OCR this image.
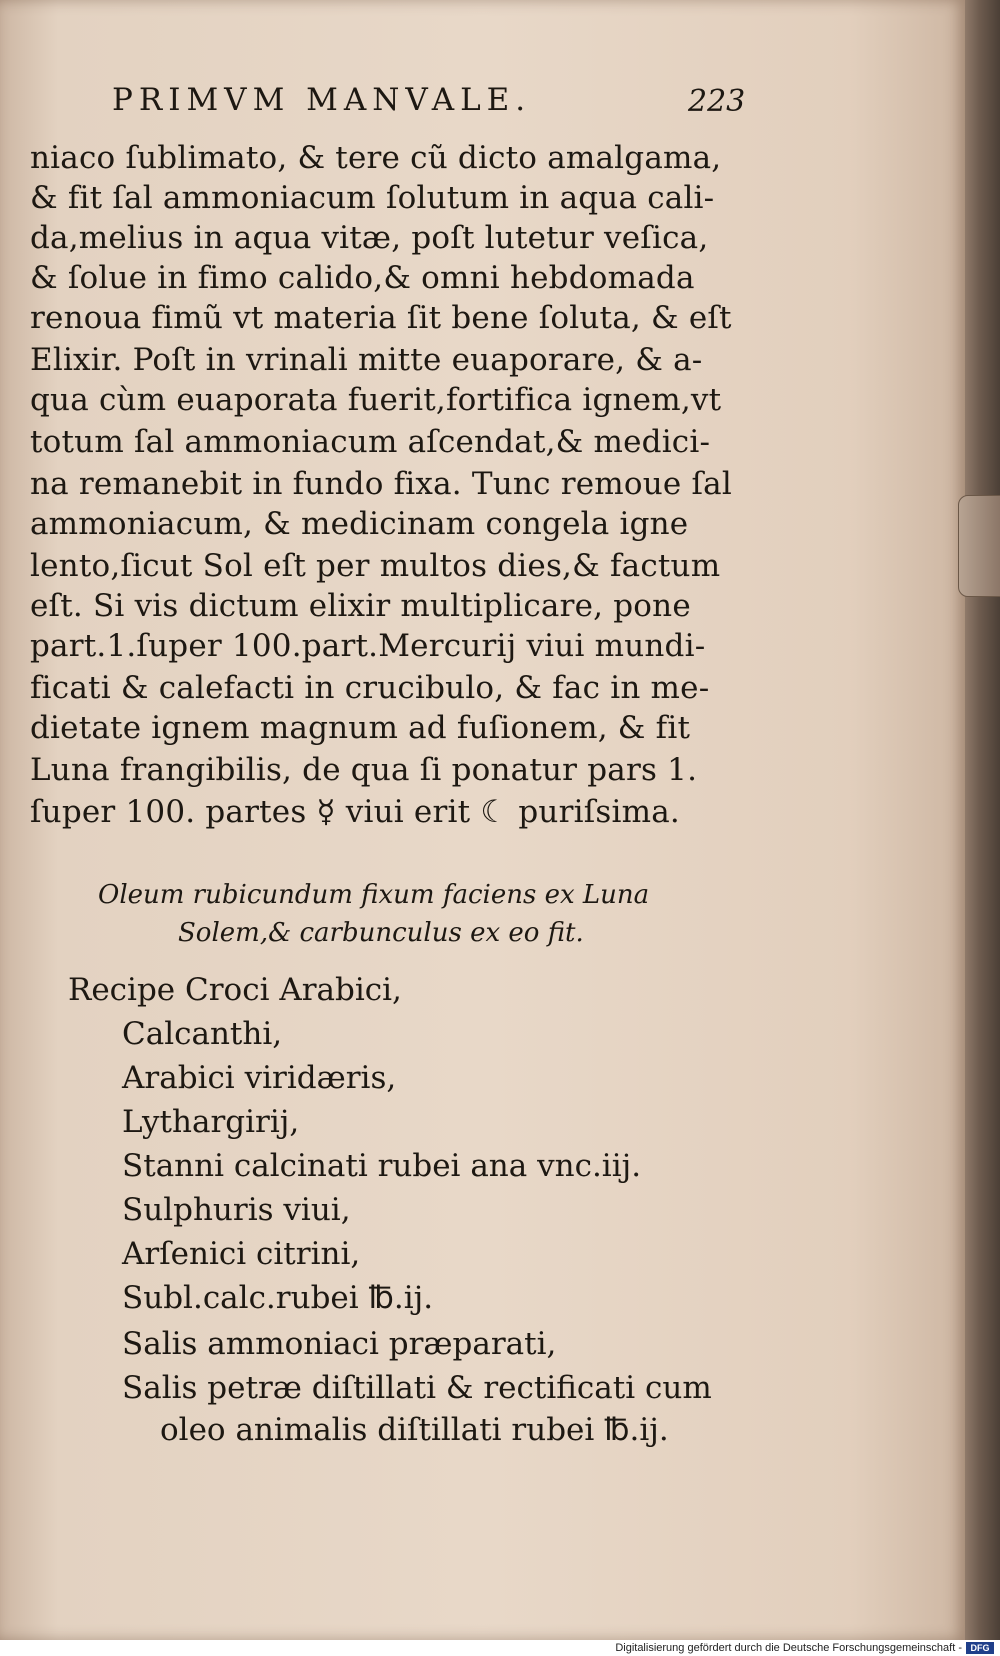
PRIMVM MANVALE.	223
niaco ſublimato, & tere cũ dicto amalgama,
& fit ſal ammoniacum ſolutum in aqua cali-
da,melius in aqua vitæ, poſt lutetur veſica,
& ſolue in fimo calido,& omni hebdomada
renoua fimũ vt materia ſit bene ſoluta, & eſt
Elixir. Poſt in vrinali mitte euaporare, & a-
qua cùm euaporata fuerit,fortifica ignem,vt
totum ſal ammoniacum aſcendat,& medici-
na remanebit in fundo fixa. Tunc remoue ſal
ammoniacum, & medicinam congela igne
lento,ſicut Sol eſt per multos dies,& factum
eſt. Si vis dictum elixir multiplicare, pone
part.1.ſuper 100.part.Mercurij viui mundi-
ficati & calefacti in crucibulo, & fac in me-
dietate ignem magnum ad fuſionem, & fit
Luna frangibilis, de qua ſi ponatur pars 1.
ſuper 100. partes ☿ viui erit ☾ puriſsima.
Oleum rubicundum fixum faciens ex Luna
Solem,& carbunculus ex eo fit.
Recipe Croci Arabici,
Calcanthi,
Arabici viridæris,
Lythargirij,
Stanni calcinati rubei ana vnc.iij.
Sulphuris viui,
Arſenici citrini,
Subl.calc.rubei ℔.ij.
Salis ammoniaci præparati,
Salis petræ diſtillati & rectificati cum
oleo animalis diſtillati rubei ℔.ij.
Digitalisierung gefördert durch die Deutsche Forschungsgemeinschaft - DFG
